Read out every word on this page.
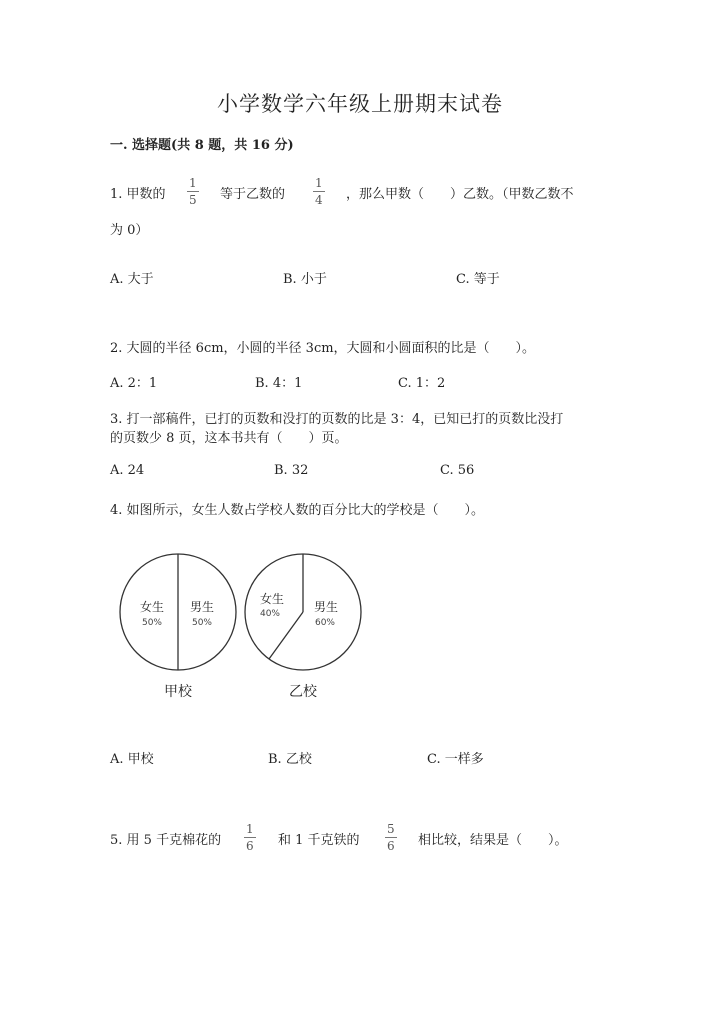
小学数学六年级上册期末试卷
一. 选择题(共 8 题，共 16 分)
1. 甲数的 $\frac{1}{5}$ 等于乙数的 $\frac{1}{4}$ ，那么甲数（　　）乙数。（甲数乙数不
为 0）
A. 大于	B. 小于	C. 等于
2. 大圆的半径 6cm，小圆的半径 3cm，大圆和小圆面积的比是（　　）。
A. 2：1	B. 4：1	C. 1：2
3. 打一部稿件，已打的页数和没打的页数的比是 3：4，已知已打的页数比没打
的页数少 8 页，这本书共有（　　）页。
A. 24	B. 32	C. 56
4. 如图所示，女生人数占学校人数的百分比大的学校是（　　）。
女生
50%
男生
50%
甲校
女生
40%	男生
60%
乙校
A. 甲校	B. 乙校	C. 一样多
5. 用 5 千克棉花的 $\frac{1}{6}$ 和 1 千克铁的 $\frac{5}{6}$ 相比较，结果是（　　）。
